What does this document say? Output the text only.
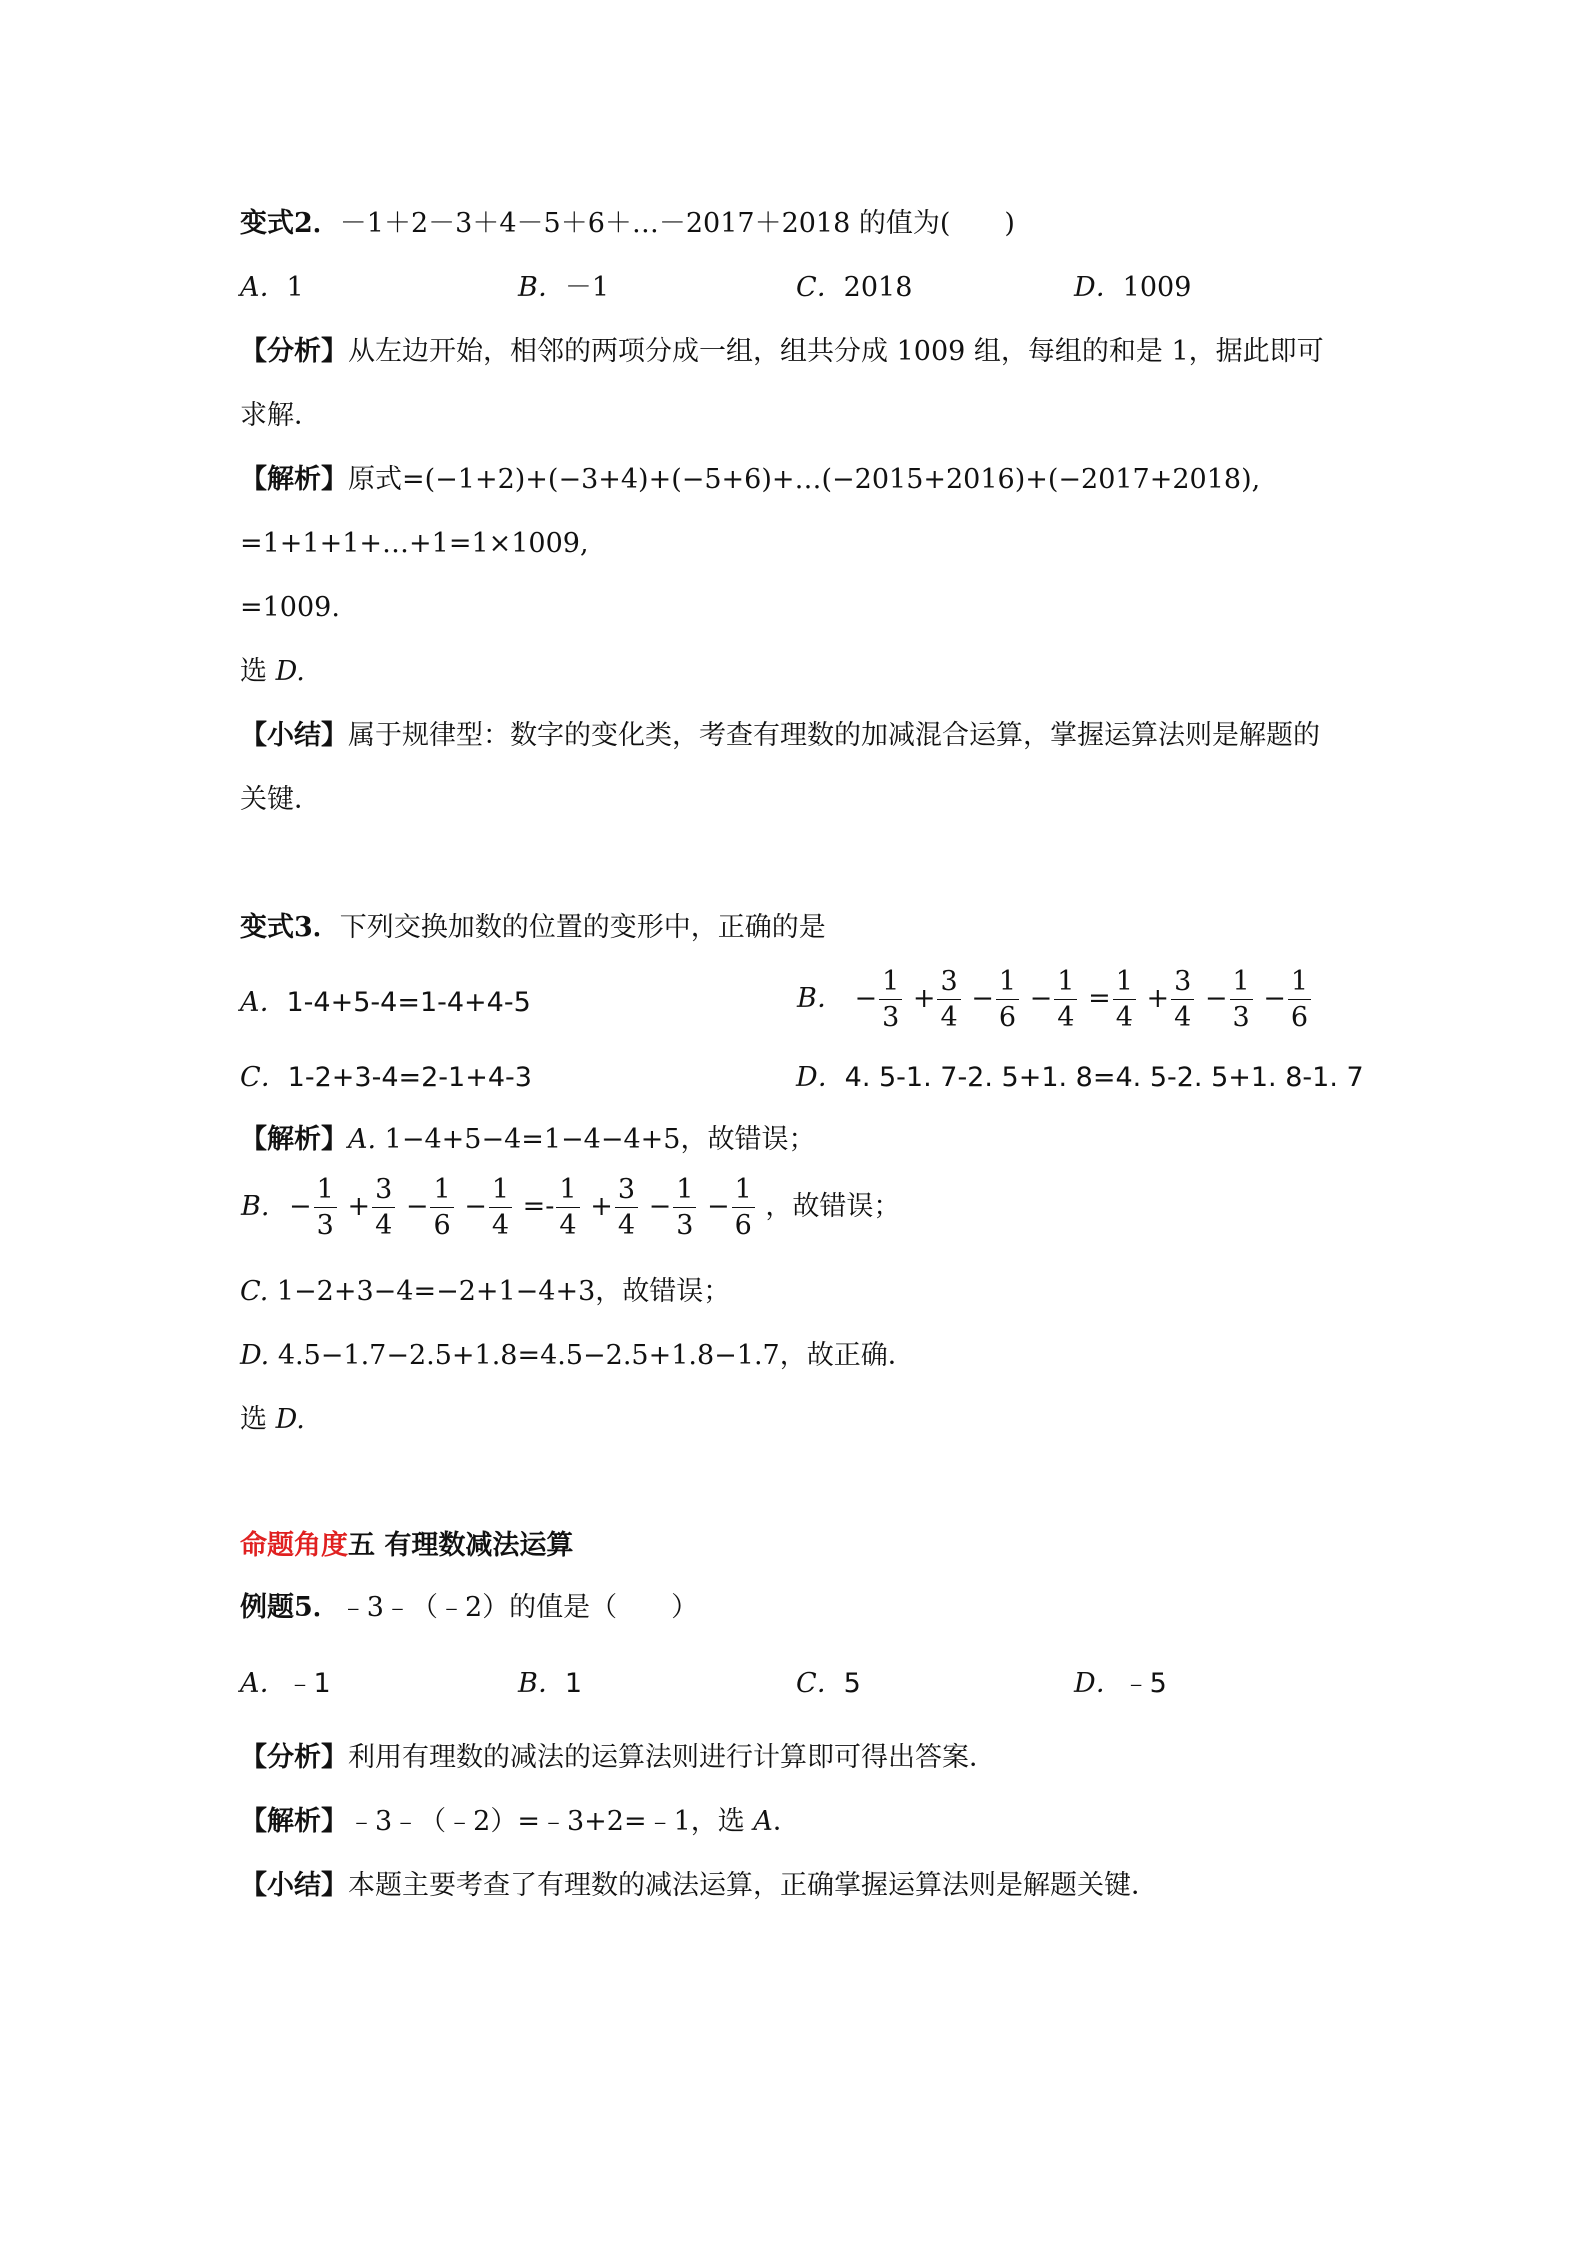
变式2．－1＋2－3＋4－5＋6＋…－2017＋2018 的值为(　　)
A．1	B．－1	C．2018	D．1009
【分析】从左边开始，相邻的两项分成一组，组共分成 1009 组，每组的和是 1，据此即可
求解．
【解析】原式=(−1+2)+(−3+4)+(−5+6)+…(−2015+2016)+(−2017+2018),
=1+1+1+…+1=1×1009,
=1009.
选 D.
【小结】属于规律型：数字的变化类，考查有理数的加减混合运算，掌握运算法则是解题的
关键．
变式3．下列交换加数的位置的变形中，正确的是
A．1-4+5-4=1-4+4-5	B． − $\frac{1}{3} + \frac{3}{4} - \frac{1}{6} - \frac{1}{4} = \frac{1}{4} + \frac{3}{4} - \frac{1}{3} - \frac{1}{6}$
C．1-2+3-4=2-1+4-3	D．4. 5-1. 7-2. 5+1. 8=4. 5-2. 5+1. 8-1. 7
【解析】A. 1−4+5−4=1−4−4+5，故错误；
B. − $\frac{1}{3} + \frac{3}{4} - \frac{1}{6} - \frac{1}{4} =- \frac{1}{4} + \frac{3}{4} - \frac{1}{3} - \frac{1}{6}$ ，故错误；
C. 1−2+3−4=−2+1−4+3，故错误；
D. 4.5−1.7−2.5+1.8=4.5−2.5+1.8−1.7，故正确．
选 D.
命题角度五 有理数减法运算
例题5．﹣3﹣（﹣2）的值是（　　）
A．﹣1	B．1	C．5	D．﹣5
【分析】利用有理数的减法的运算法则进行计算即可得出答案．
【解析】﹣3﹣（﹣2）=﹣3+2=﹣1，选 A．
【小结】本题主要考查了有理数的减法运算，正确掌握运算法则是解题关键．
